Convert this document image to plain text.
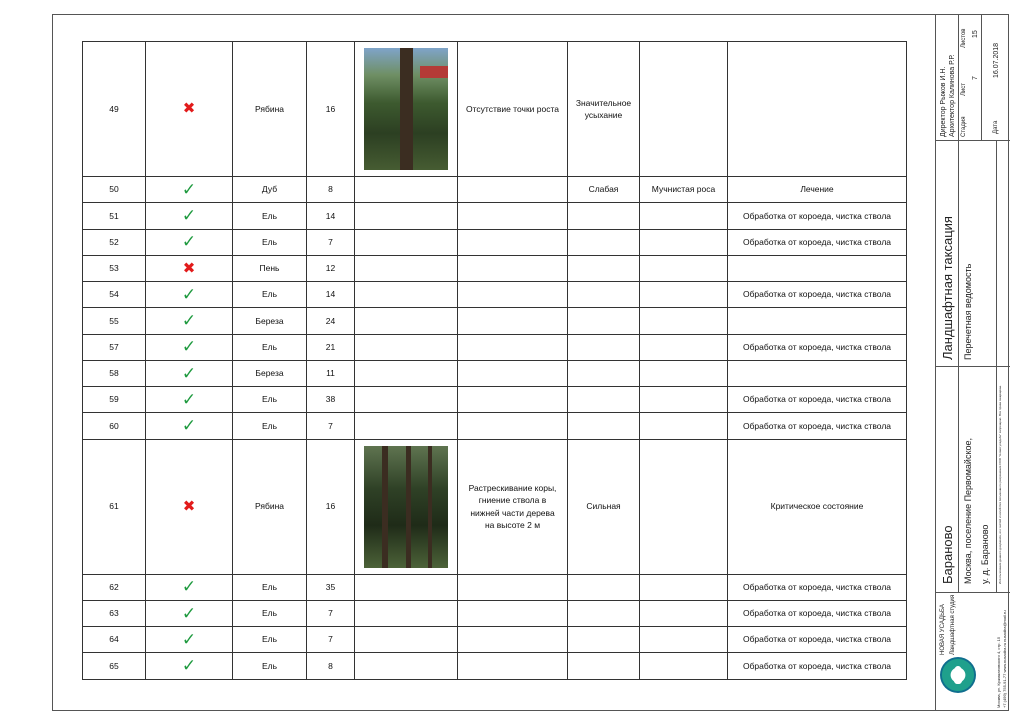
49	✖	Рябина	16		Отсутствие точки роста	Значительное
усыхание		

50	✓	Дуб	8			Слабая	Мучнистая роса	Лечение
51	✓	Ель	14					Обработка от короеда, чистка ствола
52	✓	Ель	7					Обработка от короеда, чистка ствола
53	✖	Пень	12					
54	✓	Ель	14					Обработка от короеда, чистка ствола
55	✓	Береза	24					
57	✓	Ель	21					Обработка от короеда, чистка ствола
58	✓	Береза	11					
59	✓	Ель	38					Обработка от короеда, чистка ствола
60	✓	Ель	7					Обработка от короеда, чистка ствола
61	✖	Рябина	16		Растрескивание коры,
гниение ствола в
нижней части дерева
на высоте 2 м	Сильная		Критическое состояние
62	✓	Ель	35					Обработка от короеда, чистка ствола
63	✓	Ель	7					Обработка от короеда, чистка ствола
64	✓	Ель	7					Обработка от короеда, чистка ствола
65	✓	Ель	8					Обработка от короеда, чистка ствола
Директор Рыжов И.Н. Архитектор Калинова Р.Р. Стадия
Лист
Листов
7
15
Дата
16.07.2018
Ландшафтная таксация Перечетная ведомость
Бараново Москва, поселение Первомайское, у. д. Бараново	Использование данного документа, его частей и копий без письменного разрешения ООО "Новая усадьба" запрещено. Все права защищены.
НОВАЯ УСАДЬБА Ландшафтная студия
Москва, ул. Кржижановского 4, стр. 15 +7 (499) 755-91-77 www.nusadba.ru nusadba@mail.ru
